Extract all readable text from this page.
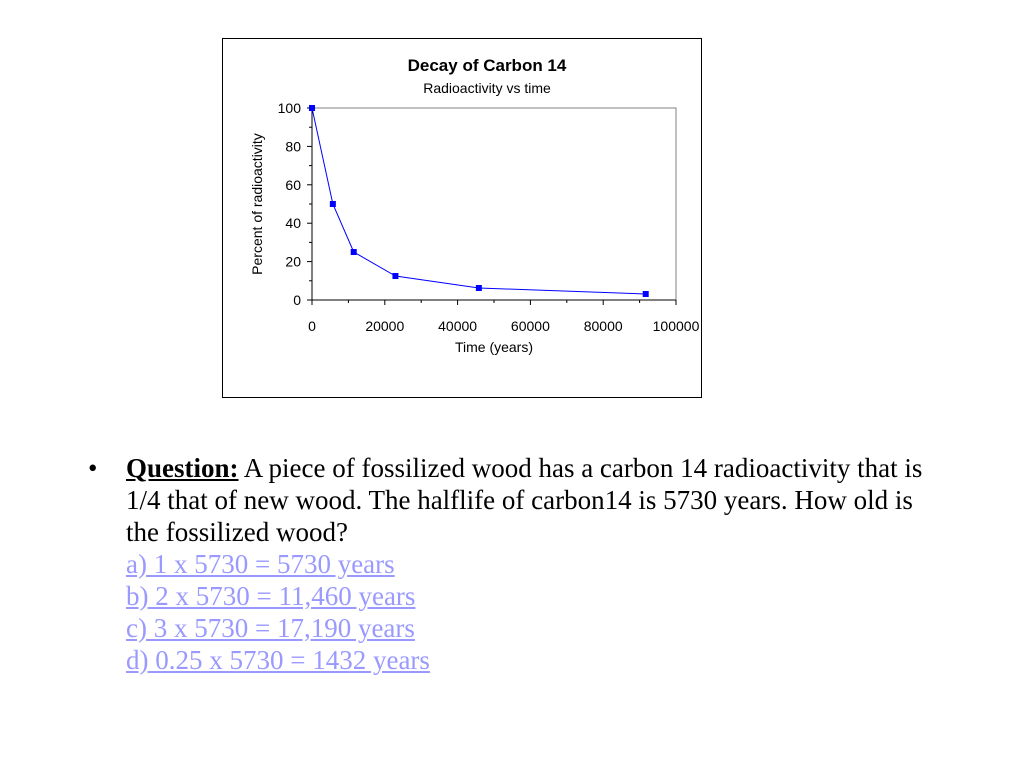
Decay of Carbon 14
Radioactivity vs time
0
20
40
60
80
100
0	20000 40000 60000 80000 100000
Time (years)
Percent of radioactivity
• Question: A piece of fossilized wood has a carbon 14 radioactivity that is 1/4 that of new wood. The halflife of carbon14 is 5730 years. How old is the fossilized wood?
a) 1 x 5730 = 5730 years
b) 2 x 5730 = 11,460 years
c) 3 x 5730 = 17,190 years
d) 0.25 x 5730 = 1432 years
